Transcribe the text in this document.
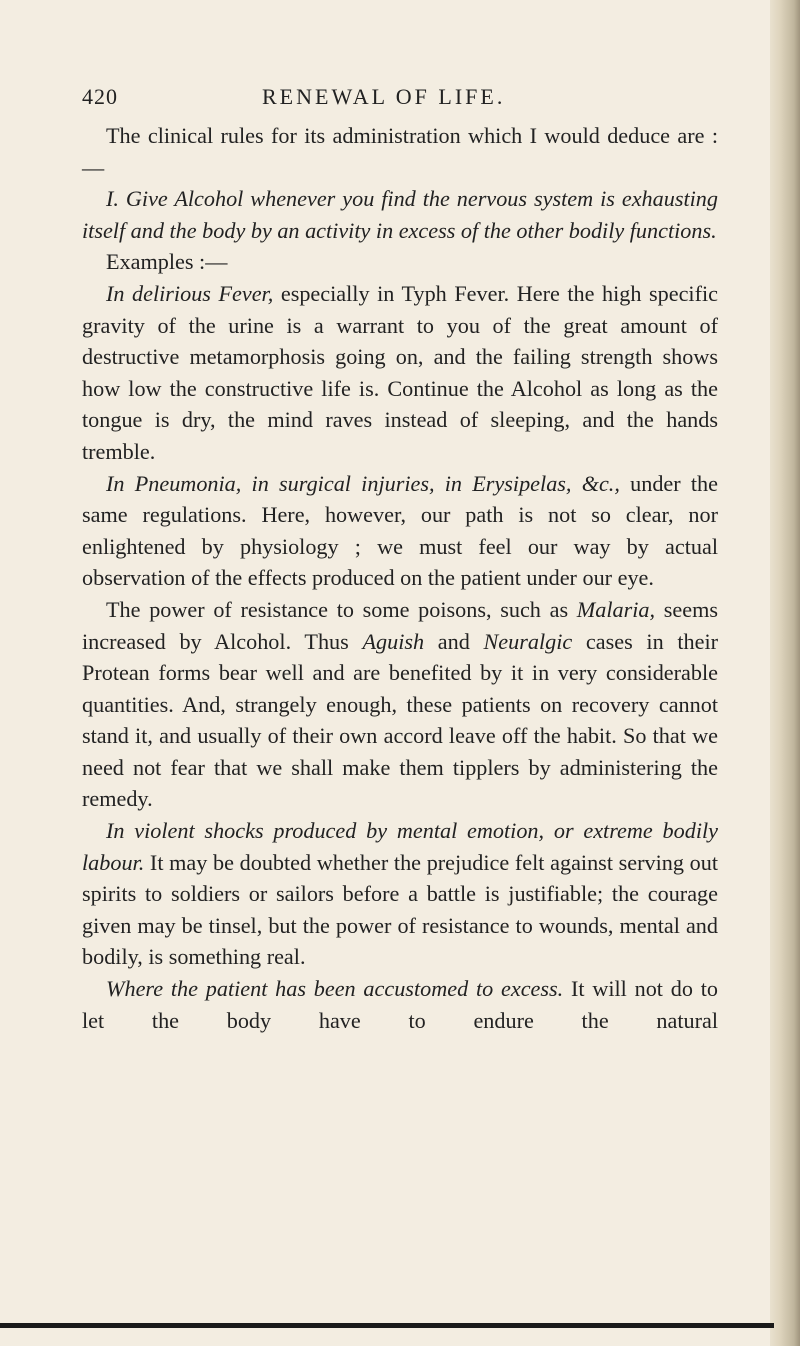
420	RENEWAL OF LIFE.

The clinical rules for its administration which I would deduce are :—

I. Give Alcohol whenever you find the nervous system is exhausting itself and the body by an activity in excess of the other bodily functions.

Examples :—

In delirious Fever, especially in Typh Fever. Here the high specific gravity of the urine is a warrant to you of the great amount of destructive metamorphosis going on, and the failing strength shows how low the constructive life is. Continue the Alcohol as long as the tongue is dry, the mind raves instead of sleeping, and the hands tremble.

In Pneumonia, in surgical injuries, in Erysipelas, &c., under the same regulations. Here, however, our path is not so clear, nor enlightened by physiology ; we must feel our way by actual observation of the effects produced on the patient under our eye.

The power of resistance to some poisons, such as Malaria, seems increased by Alcohol. Thus Aguish and Neuralgic cases in their Protean forms bear well and are benefited by it in very considerable quantities. And, strangely enough, these patients on recovery cannot stand it, and usually of their own accord leave off the habit. So that we need not fear that we shall make them tipplers by administering the remedy.

In violent shocks produced by mental emotion, or extreme bodily labour. It may be doubted whether the prejudice felt against serving out spirits to soldiers or sailors before a battle is justifiable; the courage given may be tinsel, but the power of resistance to wounds, mental and bodily, is something real.

Where the patient has been accustomed to excess. It will not do to let the body have to endure the natural
